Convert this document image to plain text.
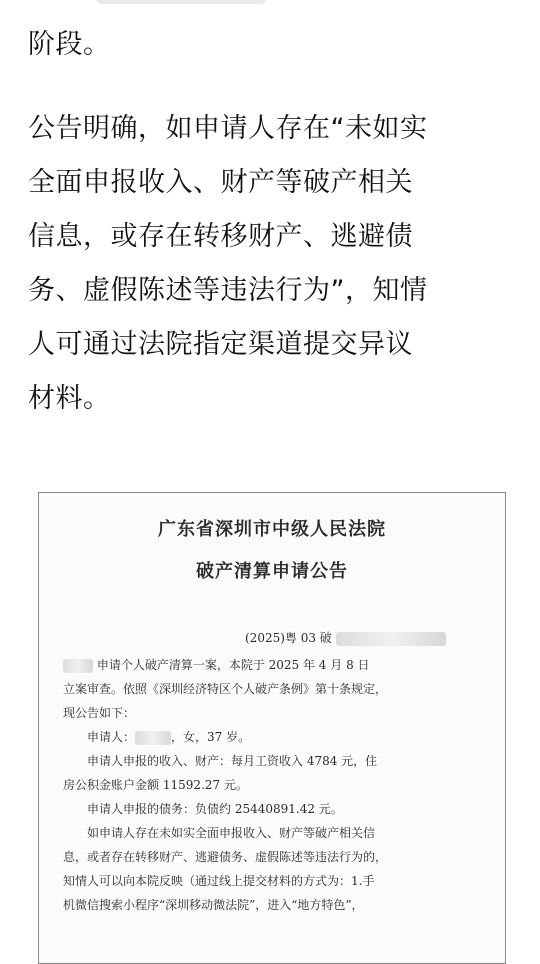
阶段。

公告明确，如申请人存在“未如实
全面申报收入、财产等破产相关
信息，或存在转移财产、逃避债
务、虚假陈述等违法行为”，知情
人可通过法院指定渠道提交异议
材料。

广东省深圳市中级人民法院
破产清算申请公告
(2025)粤 03 破

申请个人破产清算一案，本院于 2025 年 4 月 8 日

立案审查。依照《深圳经济特区个人破产条例》第十条规定，

现公告如下：

申请人：	，女，37 岁。

申请人申报的收入、财产：每月工资收入 4784 元，住

房公积金账户金额 11592.27 元。

申请人申报的债务：负债约 25440891.42 元。

如申请人存在未如实全面申报收入、财产等破产相关信

息，或者存在转移财产、逃避债务、虚假陈述等违法行为的，

知情人可以向本院反映（通过线上提交材料的方式为：1.手

机微信搜索小程序“深圳移动微法院”，进入“地方特色”，
